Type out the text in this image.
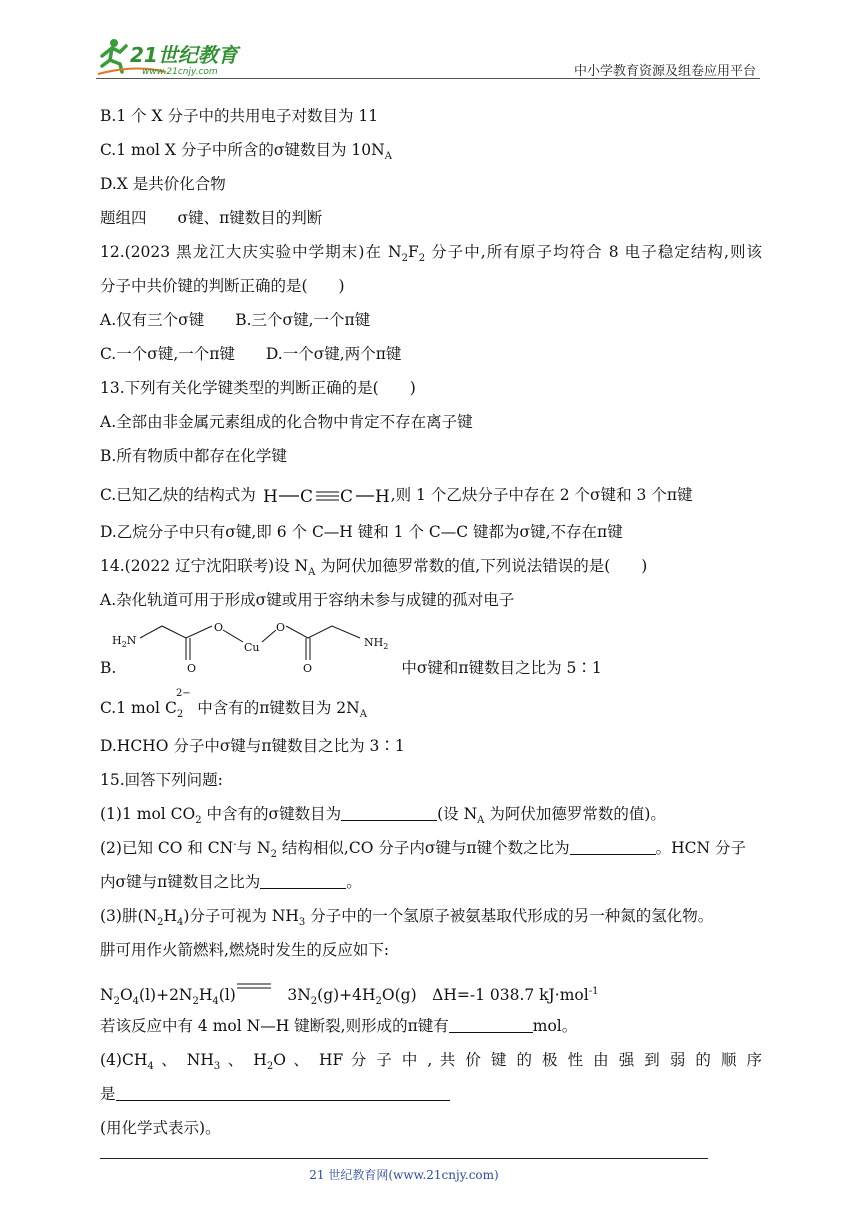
21世纪教育
www.21cnjy.com	中小学教育资源及组卷应用平台
B.1 个 X 分子中的共用电子对数目为 11
C.1 mol X 分子中所含的σ键数目为 $10N_A$
D.X 是共价化合物
题组四　　σ键、π键数目的判断
12.(2023 黑龙江大庆实验中学期末)在 $N_2F_2$ 分子中,所有原子均符合 8 电子稳定结构,则该
分子中共价键的判断正确的是(　　)
A.仅有三个σ键　　B.三个σ键,一个π键
C.一个σ键,一个π键　　D.一个σ键,两个π键
13.下列有关化学键类型的判断正确的是(　　)
A.全部由非金属元素组成的化合物中肯定不存在离子键
B.所有物质中都存在化学键
C.已知乙炔的结构式为 H C C H ,则 1 个乙炔分子中存在 2 个σ键和 3 个π键
D.乙烷分子中只有σ键,即 6 个 C—H 键和 1 个 C—C 键都为σ键,不存在π键
14.(2022 辽宁沈阳联考)设 $N_A$ 为阿伏加德罗常数的值,下列说法错误的是(　　)
A.杂化轨道可用于形成σ键或用于容纳未参与成键的孤对电子
$H_2N$
O
Cu
O
$NH_2$
O	O
B.	中σ键和π键数目之比为 5∶1
C.1 mol $C_2$
2−
中含有的π键数目为 $2N_A$
D.HCHO 分子中σ键与π键数目之比为 3∶1
15.回答下列问题:
(1)1 mol $CO_2$ 中含有的σ键数目为	(设 $N_A$ 为阿伏加德罗常数的值)。
(2)已知 CO 和 CN-与 $N_2$ 结构相似,CO 分子内σ键与π键个数之比为	。HCN 分子
内σ键与π键数目之比为	。
(3)肼$(N_2H_4)$分子可视为 $NH_3$ 分子中的一个氢原子被氨基取代形成的另一种氮的氢化物。
肼可用作火箭燃料,燃烧时发生的反应如下:
$N_2O_4(l)+2N_2H_4(l)$　$3N_2(g)+4H_2O(g)$　ΔH=-1 038.7 kJ·mol$^{-1}$
若该反应中有 4 mol N—H 键断裂,则形成的π键有	mol。
$(4)CH_4$ 、 $NH_3$ 、 $H_2O$ 、 HF 分 子 中 , 共 价 键 的 极 性 由 强 到 弱 的 顺 序
是
(用化学式表示)。
21 世纪教育网(www.21cnjy.com)
